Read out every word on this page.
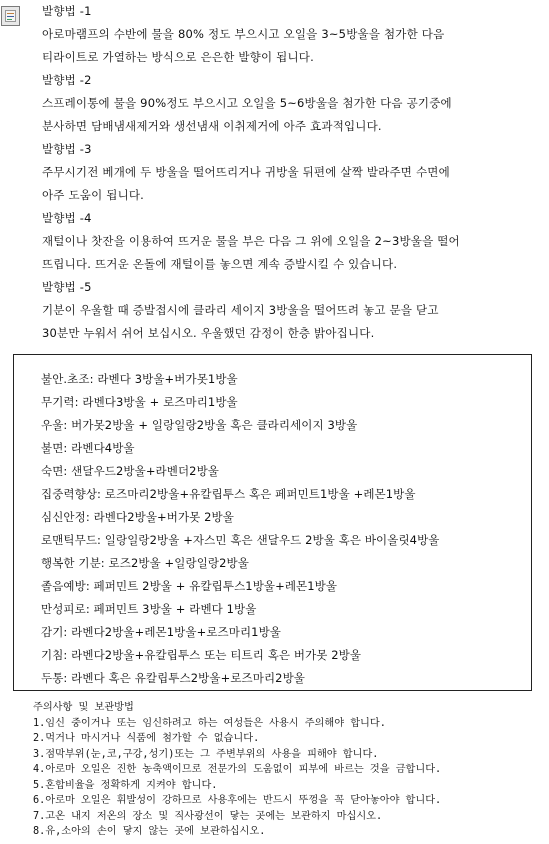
발향법 -1
아로마램프의 수반에 물을 80% 정도 부으시고 오일을 3~5방울을 첨가한 다음
티라이트로 가열하는 방식으로 은은한 발향이 됩니다.
발향법 -2
스프레이통에 물을 90%정도 부으시고 오일을 5~6방울을 첨가한 다음 공기중에
분사하면 담배냄새제거와 생선냄새 이취제거에 아주 효과적입니다.
발향법 -3
주무시기전 베개에 두 방울을 떨어뜨리거나 귀방울 뒤편에 살짝 발라주면 수면에
아주 도움이 됩니다.
발향법 -4
재털이나 찻잔을 이용하여 뜨거운 물을 부은 다음 그 위에 오일을 2~3방울을 떨어
뜨립니다. 뜨거운 온돌에 재털이를 놓으면 계속 증발시킬 수 있습니다.
발향법 -5
기분이 우울할 때 증발접시에 클라리 세이지 3방울을 떨어뜨려 놓고 문을 닫고
30분만 누워서 쉬어 보십시오. 우울했던 감정이 한층 밝아집니다.
불안.초조: 라벤다 3방울+버가못1방울
무기력: 라벤다3방울 + 로즈마리1방울
우울: 버가못2방울 + 일랑일랑2방울 혹은 클라리세이지 3방울
불면: 라벤다4방울
숙면: 샌달우드2방울+라벤더2방울
집중력향상: 로즈마리2방울+유칼립투스 혹은 페퍼민트1방울 +레몬1방울
심신안정: 라벤다2방울+버가못 2방울
로맨틱무드: 일랑일랑2방울 +자스민 혹은 샌달우드 2방울 혹은 바이올릿4방울
행복한 기분: 로즈2방울 +일랑일랑2방울
졸음예방: 페퍼민트 2방울 + 유칼립투스1방울+레몬1방울
만성피로: 페퍼민트 3방울 + 라벤다 1방울
감기: 라벤다2방울+레몬1방울+로즈마리1방울
기침: 라벤다2방울+유칼립투스 또는 티트리 혹은 버가못 2방울
두통: 라벤다 혹은 유칼립투스2방울+로즈마리2방울
주의사항 및 보관방법
1.임신 중이거나 또는 임신하려고 하는 여성들은 사용시 주의해야 합니다.
2.먹거나 마시거나 식품에 첨가할 수 없습니다.
3.점막부위(눈,코,구강,성기)또는 그 주변부위의 사용을 피해야 합니다.
4.아로마 오일은 진한 농축액이므로 전문가의 도움없이 피부에 바르는 것을 금합니다.
5.혼합비율을 정확하게 지켜야 합니다.
6.아로마 오일은 휘발성이 강하므로 사용후에는 반드시 뚜껑을 꼭 닫아놓아야 합니다.
7.고온 내지 저온의 장소 및 직사광선이 닿는 곳에는 보관하지 마십시오.
8.유,소아의 손이 닿지 않는 곳에 보관하십시오.
